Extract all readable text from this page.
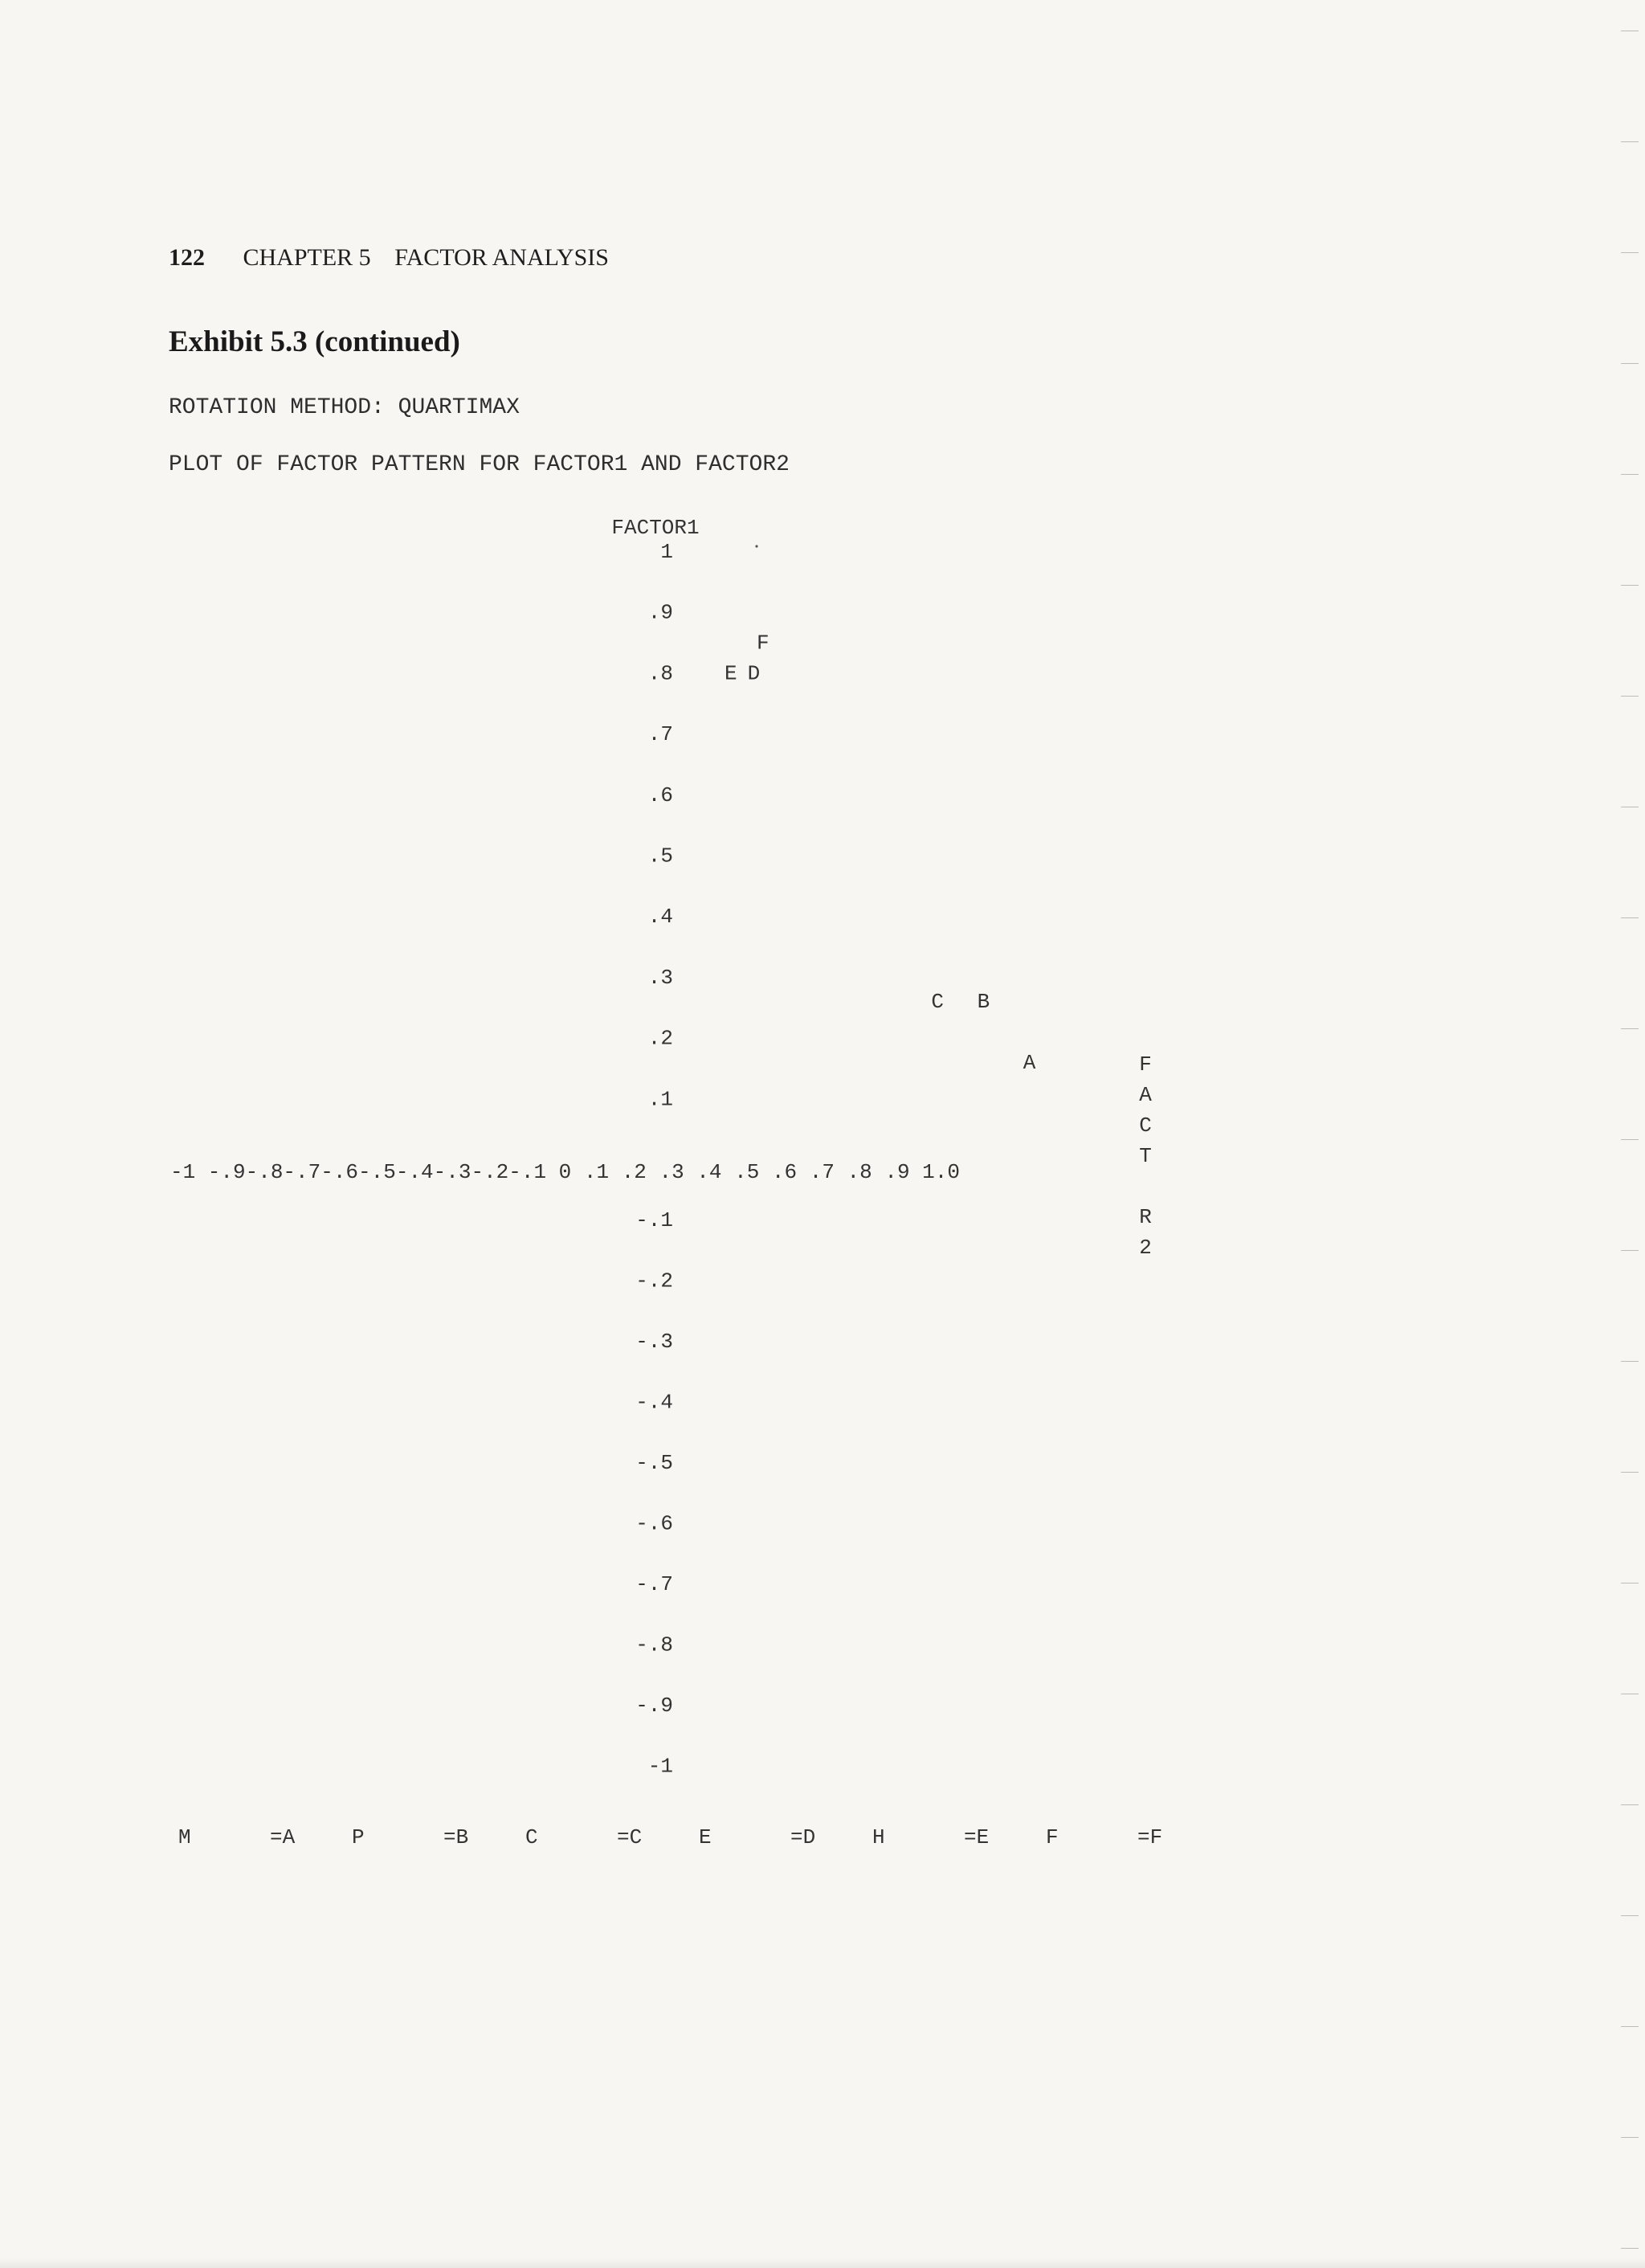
122 CHAPTER 5 FACTOR ANALYSIS
Exhibit 5.3 (continued)
ROTATION METHOD: QUARTIMAX
PLOT OF FACTOR PATTERN FOR FACTOR1 AND FACTOR2
FACTOR1
1
.9
.8
.7
.6
.5
.4
.3
.2
.1
-.1
-.2
-.3
-.4
-.5
-.6
-.7
-.8
-.9
-1
-1 -.9-.8-.7-.6-.5-.4-.3-.2-.1 0 .1 .2 .3 .4 .5 .6 .7 .8 .9 1.0
F
A
C
T
R
2
F
E D
C B
A
M	=A	P	=B	C	=C	E	=D	H	=E	F	=F
